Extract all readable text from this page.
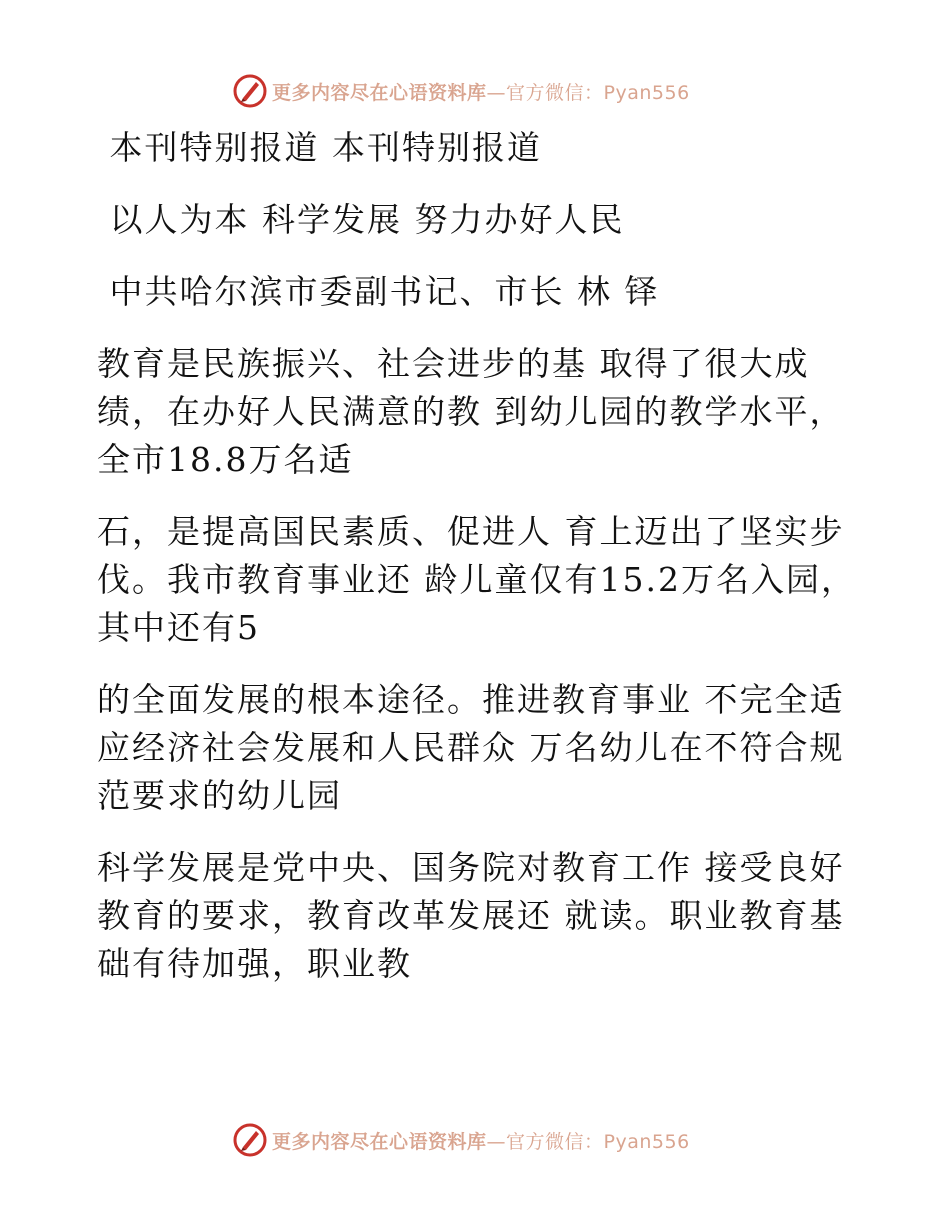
更多内容尽在心语资料库—官方微信：Pyan556
本刊特别报道 本刊特别报道
以人为本 科学发展 努力办好人民
中共哈尔滨市委副书记、市长 林 铎
教育是民族振兴、社会进步的基 取得了很大成
绩，在办好人民满意的教 到幼儿园的教学水平，
全市18.8万名适
石，是提高国民素质、促进人 育上迈出了坚实步
伐。我市教育事业还 龄儿童仅有15.2万名入园，
其中还有5
的全面发展的根本途径。推进教育事业 不完全适
应经济社会发展和人民群众 万名幼儿在不符合规
范要求的幼儿园
科学发展是党中央、国务院对教育工作 接受良好
教育的要求，教育改革发展还 就读。职业教育基
础有待加强，职业教
更多内容尽在心语资料库—官方微信：Pyan556
